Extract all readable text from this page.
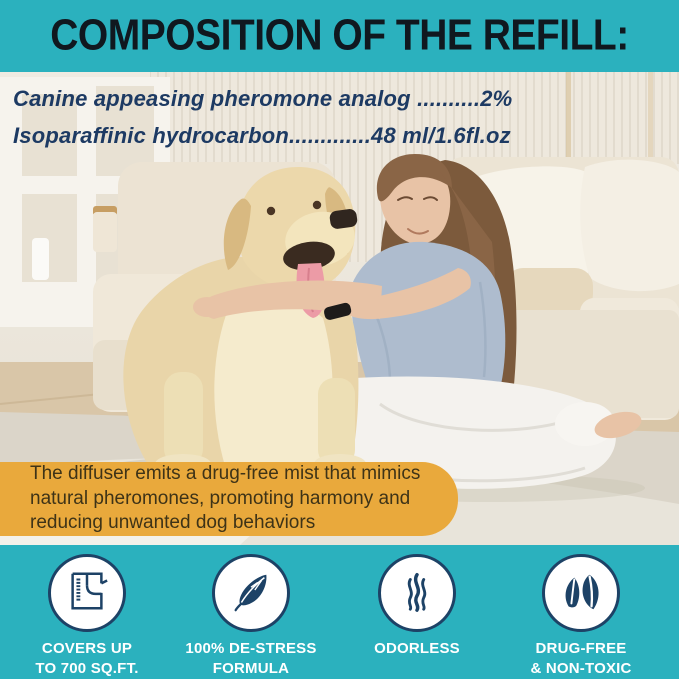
COMPOSITION OF THE REFILL:
Canine appeasing pheromone analog ..........2%
Isoparaffinic hydrocarbon.............48 ml/1.6fl.oz
The diffuser emits a drug-free mist that mimics
natural pheromones, promoting harmony and
reducing unwanted dog behaviors
COVERS UP
TO 700 SQ.FT.
100% DE-STRESS
FORMULA
ODORLESS	DRUG-FREE
& NON-TOXIC
